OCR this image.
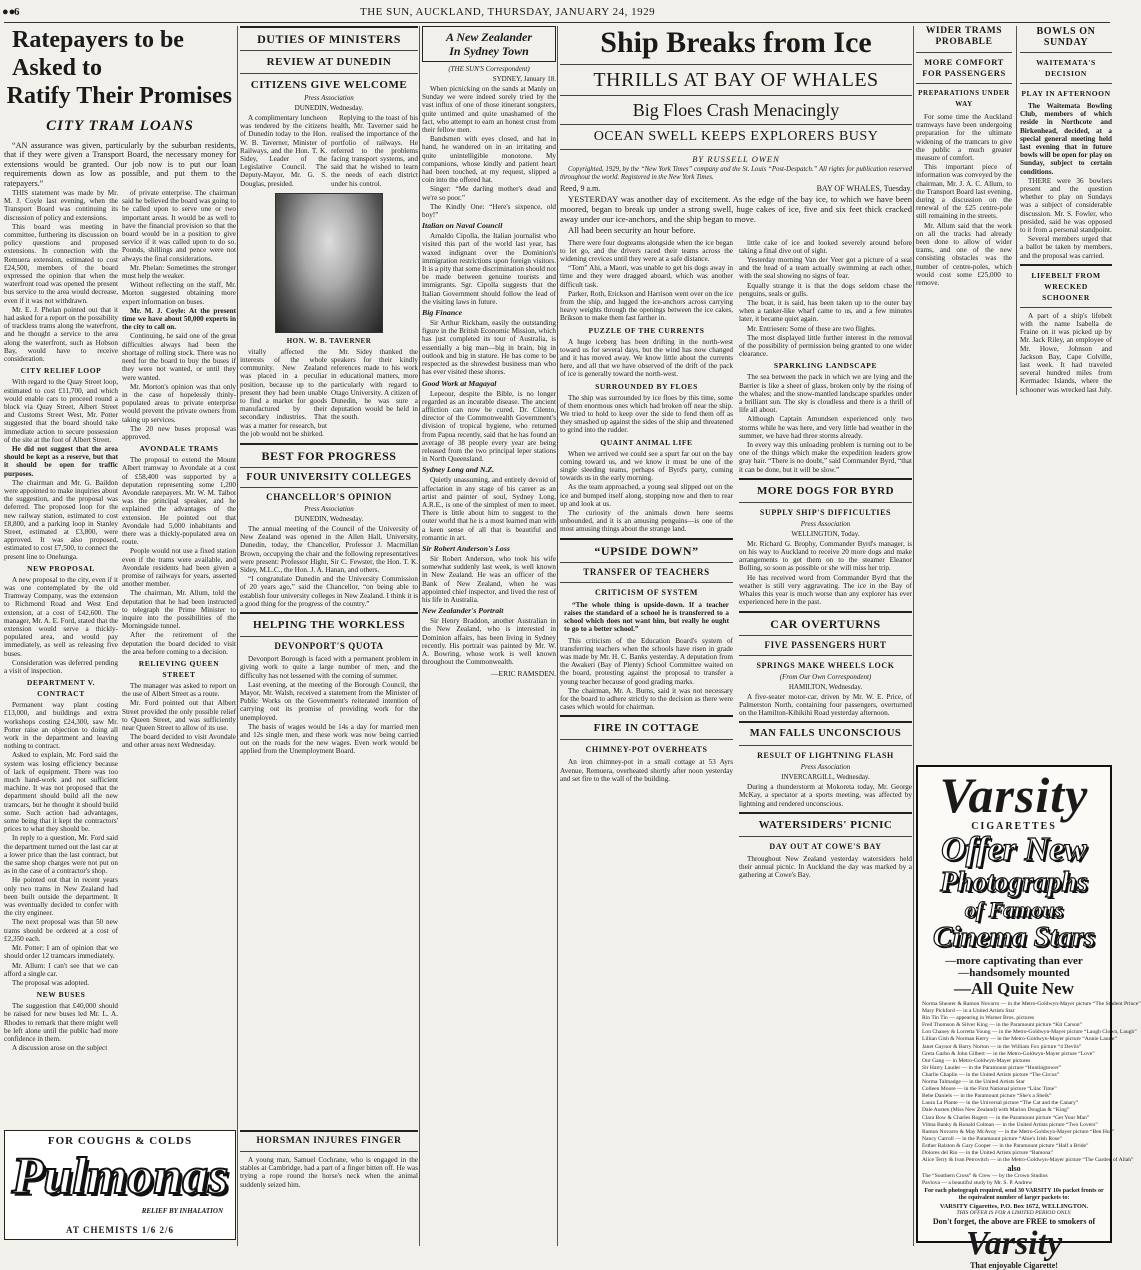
●●
6	THE SUN, AUCKLAND, THURSDAY, JANUARY 24, 1929
Ratepayers to be Asked to
Ratify Their Promises
CITY TRAM LOANS

“AN assurance was given, particularly by the suburban residents, that if they were given a Transport Board, the necessary money for extensions would be granted. Our job now is to put our loan requirements down as low as possible, and put them to the ratepayers.”

THIS statement was made by Mr. M. J. Coyle last evening, when the Transport Board was continuing its discussion of policy and extensions.

This board was meeting in committee, furthering its discussion on policy questions and proposed extensions. In connection with the Remuera extension, estimated to cost £24,500, members of the board expressed the opinion that when the waterfront road was opened the present bus service to the area would decrease, even if it was not withdrawn.

Mr. E. J. Phelan pointed out that it had asked for a report on the possibility of trackless trams along the waterfront, and he thought a service to the area along the waterfront, such as Hobson Bay, would have to receive consideration.

CITY RELIEF LOOP

With regard to the Quay Street loop, estimated to cost £11,700, and which would enable cars to proceed round a block via Quay Street, Albert Street and Customs Street West, Mr. Potter suggested that the board should take immediate action to secure possession of the site at the foot of Albert Street.

He did not suggest that the area should be kept as a reserve, but that it should be open for traffic purposes.

The chairman and Mr. G. Baildon were appointed to make inquiries about the suggestion, and the proposal was deferred. The proposed loop for the new railway station, estimated to cost £8,800, and a parking loop in Stanley Street, estimated at £3,800, were approved. It was also proposed, estimated to cost £7,500, to connect the present line to Onehunga.

NEW PROPOSAL

A new proposal to the city, even if it was one contemplated by the old Tramway Company, was the extension to Richmond Road and West End extension, at a cost of £42,600. The manager, Mr. A. E. Ford, stated that the extension would serve a thickly-populated area, and would pay immediately, as well as releasing five buses.

Consideration was deferred pending a visit of inspection.

DEPARTMENT V. CONTRACT

Permanent way plant costing £13,000, and buildings and extra workshops costing £24,300, saw Mr. Potter raise an objection to doing all work in the department and leaving nothing to contract.

Asked to explain, Mr. Ford said the system was losing efficiency because of lack of equipment. There was too much hand-work and not sufficient machine. It was not proposed that the department should build all the new tramcars, but he thought it should build some. Such action had advantages, some being that it kept the contractors' prices to what they should be.

In reply to a question, Mr. Ford said the department turned out the last car at a lower price than the last contract, but the same shop charges were not put on as in the case of a contractor's shop.

He pointed out that in recent years only two trams in New Zealand had been built outside the department. It was eventually decided to confer with the city engineer.

The next proposal was that 50 new trams should be ordered at a cost of £2,350 each.

Mr. Potter: I am of opinion that we should order 12 tramcars immediately.

Mr. Allum: I can't see that we can afford a single car.

The proposal was adopted.

NEW BUSES

The suggestion that £40,000 should be raised for new buses led Mr. L. A. Rhodes to remark that there might well be left alone until the public had more confidence in them.

A discussion arose on the subject

of private enterprise. The chairman said he believed the board was going to be called upon to serve one or two important areas. It would be as well to have the financial provision so that the board would be in a position to give service if it was called upon to do so. Pounds, shillings and pence were not always the final considerations.

Mr. Phelan: Sometimes the stronger must help the weaker.

Without reflecting on the staff, Mr. Morton suggested obtaining more expert information on buses.

Mr. M. J. Coyle: At the present time we have about 50,000 experts in the city to call on.

Continuing, he said one of the great difficulties always had been the shortage of rolling stock. There was no need for the board to buy the buses if they were not wanted, or until they were wanted.

Mr. Morton's opinion was that only in the case of hopelessly thinly-populated areas to private enterprise would prevent the private owners from taking up services.

The 20 new buses proposal was approved.

AVONDALE TRAMS

The proposal to extend the Mount Albert tramway to Avondale at a cost of £58,400 was supported by a deputation representing some 1,200 Avondale ratepayers. Mr. W. M. Talbot was the principal speaker, and he explained the advantages of the extension. He pointed out that Avondale had 5,000 inhabitants and there was a thickly-populated area on route.

People would not use a fixed station even if the trams were available, and Avondale residents had been given a promise of railways for years, asserted another member.

The chairman, Mr. Allum, told the deputation that he had been instructed to telegraph the Prime Minister to inquire into the possibilities of the Morningside tunnel.

After the retirement of the deputation the board decided to visit the area before coming to a decision.

RELIEVING QUEEN STREET

The manager was asked to report on the use of Albert Street as a route.

Mr. Ford pointed out that Albert Street provided the only possible relief to Queen Street, and was sufficiently near Queen Street to allow of its use.

The board decided to visit Avondale and other areas next Wednesday.

FOR COUGHS & COLDS
Pulmonas
RELIEF BY INHALATION
AT CHEMISTS 1/6 2/6
DUTIES OF MINISTERS
REVIEW AT DUNEDIN
CITIZENS GIVE WELCOME
Press Association
DUNEDIN, Wednesday.

A complimentary luncheon was tendered by the citizens of Dunedin today to the Hon. W. B. Taverner, Minister of Railways, and the Hon. T. K. Sidey, Leader of the Legislative Council. The Deputy-Mayor, Mr. G. S. Douglas, presided.

Replying to the toast of his health, Mr. Taverner said he realised the importance of the portfolio of railways. He referred to the problems facing transport systems, and said that he wished to learn the needs of each district under his control.

HON. W. B. TAVERNER

vitally affected the interests of the whole community. New Zealand was placed in a peculiar position, because up to the present they had been unable to find a market for goods manufactured by their secondary industries. That was a matter for research, but the job would not be shirked.

Mr. Sidey thanked the speakers for their kindly references made to his work in educational matters, more particularly with regard to Otago University. A citizen of Dunedin, he was sure a deputation would be held in the south.

BEST FOR PROGRESS
FOUR UNIVERSITY COLLEGES
CHANCELLOR'S OPINION
Press Association
DUNEDIN, Wednesday.

The annual meeting of the Council of the University of New Zealand was opened in the Allen Hall, University, Dunedin, today, the Chancellor, Professor J. Macmillan Brown, occupying the chair and the following representatives were present: Professor Hight, Sir C. Fewster, the Hon. T. K. Sidey, M.L.C., the Hon. J. A. Hanan, and others.

“I congratulate Dunedin and the University Commission of 20 years ago,” said the Chancellor, “on being able to establish four university colleges in New Zealand. I think it is a good thing for the progress of the country.”

HELPING THE WORKLESS
DEVONPORT'S QUOTA

Devonport Borough is faced with a permanent problem in giving work to quite a large number of men, and the difficulty has not lessened with the coming of summer.

Last evening, at the meeting of the Borough Council, the Mayor, Mr. Walsh, received a statement from the Minister of Public Works on the Government's reiterated intention of carrying out its promise of providing work for the unemployed.

The basis of wages would be 14s a day for married men and 12s single men, and these work was now being carried out on the roads for the new wages. Even work would be applied from the Unemployment Board.

A New Zealander
In Sydney Town
(THE SUN'S Correspondent)
SYDNEY, January 18.

When picnicking on the sands at Manly on Sunday we were indeed sorely tried by the vast influx of one of those itinerant songsters, quite untimed and quite unashamed of the fact, who attempt to earn an honest crust from their fellow men.

Bandsmen with eyes closed, and hat in hand, he wandered on in an irritating and quite unintelligible monotone. My companions, whose kindly and patient heart had been touched, at my request, slipped a coin into the offered hat.

Singer: “Me darling mother's dead and we're so poor.”

The Kindly One: “Here's sixpence, old boy!”

Italian on Naval Council

Arnaldo Cipolla, the Italian journalist who visited this part of the world last year, has waxed indignant over the Dominion's immigration restrictions upon foreign visitors. It is a pity that some discrimination should not be made between genuine tourists and immigrants. Sgr. Cipolla suggests that the Italian Government should follow the lead of the visiting laws in future.

Big Finance

Sir Arthur Rickham, easily the outstanding figure in the British Economic Mission, which has just completed its tour of Australia, is essentially a big man—big in brain, big in outlook and big in stature. He has come to be respected as the shrewdest business man who has ever visited these shores.

Good Work at Magayal

Lepeour, despite the Bible, is no longer regarded as an incurable disease. The ancient affliction can now be cured. Dr. Cilento, director of the Commonwealth Government's division of tropical hygiene, who returned from Papua recently, said that he has found an average of 38 people every year are being released from the two principal leper stations in North Queensland.

Sydney Long and N.Z.

Quietly unassuming, and entirely devoid of affectation in any stage of his career as an artist and painter of soul, Sydney Long, A.R.E., is one of the simplest of men to meet. There is little about him to suggest to the outer world that he is a most learned man with a keen sense of all that is beautiful and romantic in art.

Sir Robert Anderson's Loss

Sir Robert Anderson, who took his wife somewhat suddenly last week, is well known in New Zealand. He was an officer of the Bank of New Zealand, when he was appointed chief inspector, and lived the rest of his life in Australia.

New Zealander's Portrait

Sir Henry Braddon, another Australian in the New Zealand, who is interested in Dominion affairs, has been living in Sydney recently. His portrait was painted by Mr. W. A. Bowring, whose work is well known throughout the Commonwealth.

—ERIC RAMSDEN.
Ship Breaks from Ice
THRILLS AT BAY OF WHALES
Big Floes Crash Menacingly
OCEAN SWELL KEEPS EXPLORERS BUSY
BY RUSSELL OWEN

Copyrighted, 1929, by the “New York Times” company and the St. Louis “Post-Despatch.” All rights for publication reserved throughout the world. Registered in the New York Times.

Reed, 9 a.m.	BAY OF WHALES, Tuesday.

YESTERDAY was another day of excitement. As the edge of the bay ice, to which we have been moored, began to break up under a strong swell, huge cakes of ice, five and six feet thick cracked away under our ice-anchors, and the ship began to move.

All had been security an hour before.

There were four dogteams alongside when the ice began to let go, and the drivers raced their teams across the widening crevices until they were at a safe distance.

“Tom” Ahi, a Maori, was unable to get his dogs away in time and they were dragged aboard, which was another difficult task.

Parker, Roth, Erickson and Harrison went over on the ice from the ship, and lugged the ice-anchors across carrying heavy weights through the openings between the ice cakes, Brikson to make them fast farther in.

PUZZLE OF THE CURRENTS

A huge iceberg has been drifting in the north-west toward us for several days, but the wind has now changed and it has moved away. We know little about the currents here, and all that we have observed of the drift of the pack of ice is generally toward the north-west.

SURROUNDED BY FLOES

The ship was surrounded by ice floes by this time, some of them enormous ones which had broken off near the ship. We tried to hold to keep over the side to fend them off as they smashed up against the sides of the ship and threatened to grind into the rudder.

QUAINT ANIMAL LIFE

When we arrived we could see a spurt far out on the bay coming toward us, and we know it must be one of the single sleeding teams, perhaps of Byrd's party, coming towards us in the early morning.

As the team approached, a young seal slipped out on the ice and bumped itself along, stopping now and then to rear up and look at us.

The curiosity of the animals down here seems unbounded, and it is an amusing penguins—is one of the most amusing things about the strange land.

“UPSIDE DOWN”
TRANSFER OF TEACHERS
CRITICISM OF SYSTEM

“The whole thing is upside-down. If a teacher raises the standard of a school he is transferred to a school which does not want him, but really he ought to go to a better school.”

This criticism of the Education Board's system of transferring teachers when the schools have risen in grade was made by Mr. H. C. Banks yesterday. A deputation from the Awakeri (Bay of Plenty) School Committee waited on the board, protesting against the proposal to transfer a young teacher because of good grading marks.

The chairman, Mr. A. Burns, said it was not necessary for the board to adhere strictly to the decision as there were cases which would for chairman.

FIRE IN COTTAGE
CHIMNEY-POT OVERHEATS

An iron chimney-pot in a small cottage at 53 Ayrs Avenue, Remuera, overheated shortly after noon yesterday and set fire to the wall of the building.

little cake of ice and looked severely around before taking a final dive out of sight.

Yesterday morning Van der Veer got a picture of a seal and the head of a team actually swimming at each other, with the seal showing no signs of fear.

Equally strange it is that the dogs seldom chase the penguins, seals or gulls.

The boat, it is said, has been taken up to the outer bay when a tanker-like wharf came to us, and a few minutes later, it became quiet again.

Mr. Entriesen: Some of these are two flights.

The most displayed little further interest in the removal of the possibility of permission being granted to one wider clearance.

SPARKLING LANDSCAPE

The sea between the pack in which we are lying and the Barrier is like a sheet of glass, broken only by the rising of the whales; and the snow-mantled landscape sparkles under a brilliant sun. The sky is cloudless and there is a thrill of life all about.

Although Captain Amundsen experienced only two storms while he was here, and very little bad weather in the summer, we have had three storms already.

In every way this unloading problem is turning out to be one of the things which make the expedition leaders grow gray hair. “There is no doubt,” said Commander Byrd, “that it can be done, but it will be slow.”

MORE DOGS FOR BYRD
SUPPLY SHIP'S DIFFICULTIES
Press Association
WELLINGTON, Today.

Mr. Richard G. Brophy, Commander Byrd's manager, is on his way to Auckland to receive 20 more dogs and make arrangements to get them on to the steamer Eleanor Bolling, so soon as possible or she will miss her trip.

He has received word from Commander Byrd that the weather is still very aggravating. The ice in the Bay of Whales this year is much worse than any explorer has ever experienced here in the past.

CAR OVERTURNS
FIVE PASSENGERS HURT
SPRINGS MAKE WHEELS LOCK
(From Our Own Correspondent)
HAMILTON, Wednesday.

A five-seater motor-car, driven by Mr. W. E. Price, of Palmerston North, containing four passengers, overturned on the Hamilton-Kihikihi Road yesterday afternoon.

MAN FALLS UNCONSCIOUS
RESULT OF LIGHTNING FLASH
Press Association
INVERCARGILL, Wednesday.

During a thunderstorm at Mokoreta today, Mr. George McKay, a spectator at a sports meeting, was affected by lightning and rendered unconscious.

WATERSIDERS' PICNIC
DAY OUT AT COWE'S BAY

Throughout New Zealand yesterday watersiders held their annual picnic. In Auckland the day was marked by a gathering at Cowe's Bay.

HORSMAN INJURES FINGER

A young man, Samuel Cochrane, who is engaged in the stables at Cambridge, had a part of a finger bitten off. He was trying a rope round the horse's neck when the animal suddenly seized him.

WIDER TRAMS PROBABLE
MORE COMFORT FOR PASSENGERS
PREPARATIONS UNDER WAY

For some time the Auckland tramways have been undergoing preparation for the ultimate widening of the tramcars to give the public a much greater measure of comfort.

This important piece of information was conveyed by the chairman, Mr. J. A. C. Allum, to the Transport Board last evening, during a discussion on the renewal of the £25 centre-pole still remaining in the streets.

Mr. Allum said that the work on all the tracks had already been done to allow of wider trams, and one of the new consisting obstacles was the number of centre-poles, which would cost some £25,000 to remove.

BOWLS ON SUNDAY
WAITEMATA'S DECISION
PLAY IN AFTERNOON

The Waitemata Bowling Club, members of which reside in Northcote and Birkenhead, decided, at a special general meeting held last evening that in future bowls will be open for play on Sunday, subject to certain conditions.

THERE were 36 bowlers present and the question whether to play on Sundays was a subject of considerable discussion. Mr. S. Fowler, who presided, said he was opposed to it from a personal standpoint.

Several members urged that a ballot be taken by members, and the proposal was carried.

LIFEBELT FROM WRECKED SCHOONER

A part of a ship's lifebelt with the name Isabella de Fraine on it was picked up by Mr. Jack Riley, an employee of Mr. Howe, Johnson and Jackson Bay, Cape Colville, last week. It had traveled several hundred miles from Kermadec Islands, where the schooner was wrecked last July.

Varsity
CIGARETTES
Offer New
Photographs
of Famous
Cinema Stars
—more captivating than ever
—handsomely mounted
—All Quite New
Norma Shearer & Ramon Novarro — in the Metro-Goldwyn-Mayer picture “The Student Prince”
Mary Pickford — in a United Artists Star
Rin Tin Tin — appearing in Warner Bros. pictures
Fred Thomson & Silver King — in the Paramount picture “Kit Carson”
Lon Chaney & Lorretta Young — in the Metro-Goldwyn-Mayer picture “Laugh Clown, Laugh”
Lillian Gish & Norman Kerry — in the Metro-Goldwyn-Mayer picture “Annie Laurie”
Janet Gaynor & Barry Norton — in the William Fox picture “4 Devils”
Greta Garbo & John Gilbert — in the Metro-Goldwyn-Mayer picture “Love”
Our Gang — in Metro-Goldwyn-Mayer pictures
Sir Harry Lauder — in the Paramount picture “Huntingtower”
Charlie Chaplin — in the United Artists picture “The Circus”
Norma Talmadge — in the United Artists Star
Colleen Moore — in the First National picture “Lilac Time”
Bebe Daniels — in the Paramount picture “She's a Sheik”
Laura La Plante — in the Universal picture “The Cat and the Canary”
Dale Austen (Miss New Zealand) with Marion Douglas & “King”
Clara Bow & Charles Rogers — in the Paramount picture “Get Your Man”
Vilma Banky & Ronald Colman — in the United Artists picture “Two Lovers”
Ramon Novarro & May McAvoy — in the Metro-Goldwyn-Mayer picture “Ben Hur”
Nancy Carroll — in the Paramount picture “Abie's Irish Rose”
Esther Ralston & Gary Cooper — in the Paramount picture “Half a Bride”
Dolores del Rio — in the United Artists picture “Ramona”
Alice Terry & Ivan Petrovitch — in the Metro-Goldwyn-Mayer picture “The Garden of Allah”
also
The “Southern Cross” & Crew — by the Crown Studios
Pavlova — a beautiful study by Mr. S. P. Andrew
For each photograph required, send 30 VARSITY 10s packet fronts or the equivalent number of larger packets to:
VARSITY Cigarettes, P.O. Box 1672, WELLINGTON.
THIS OFFER IS FOR A LIMITED PERIOD ONLY.
Don't forget, the above are FREE to smokers of
Varsity
That enjoyable Cigarette!
